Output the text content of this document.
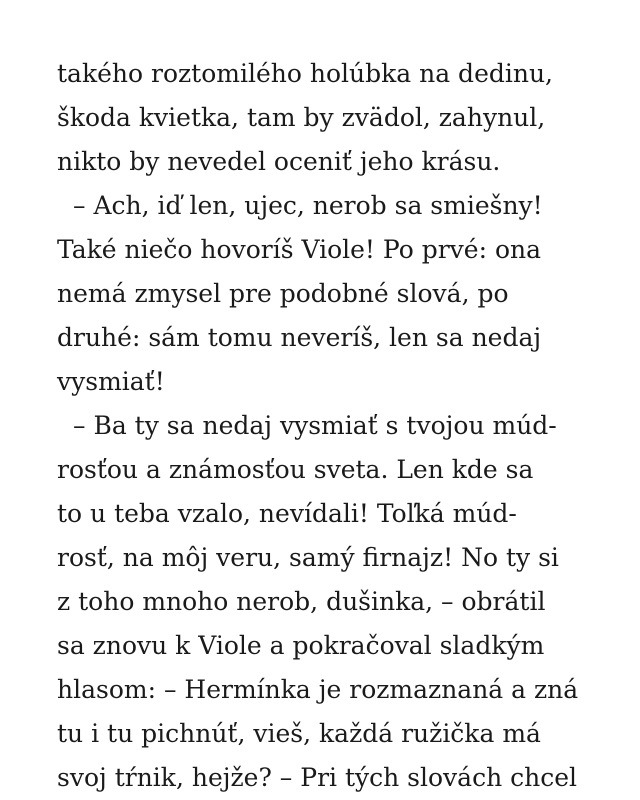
takého roztomilého holúbka na dedinu,
škoda kvietka, tam by zvädol, zahynul,
nikto by nevedel oceniť jeho krásu.
– Ach, iď len, ujec, nerob sa smiešny!
Také niečo hovoríš Viole! Po prvé: ona
nemá zmysel pre podobné slová, po
druhé: sám tomu neveríš, len sa nedaj
vysmiať!
– Ba ty sa nedaj vysmiať s tvojou múd-
rosťou a známosťou sveta. Len kde sa
to u teba vzalo, nevídali! Toľká múd-
rosť, na môj veru, samý firnajz! No ty si
z toho mnoho nerob, dušinka, – obrátil
sa znovu k Viole a pokračoval sladkým
hlasom: – Hermínka je rozmaznaná a zná
tu i tu pichnúť, vieš, každá ružička má
svoj tŕnik, hejže? – Pri tých slovách chcel
